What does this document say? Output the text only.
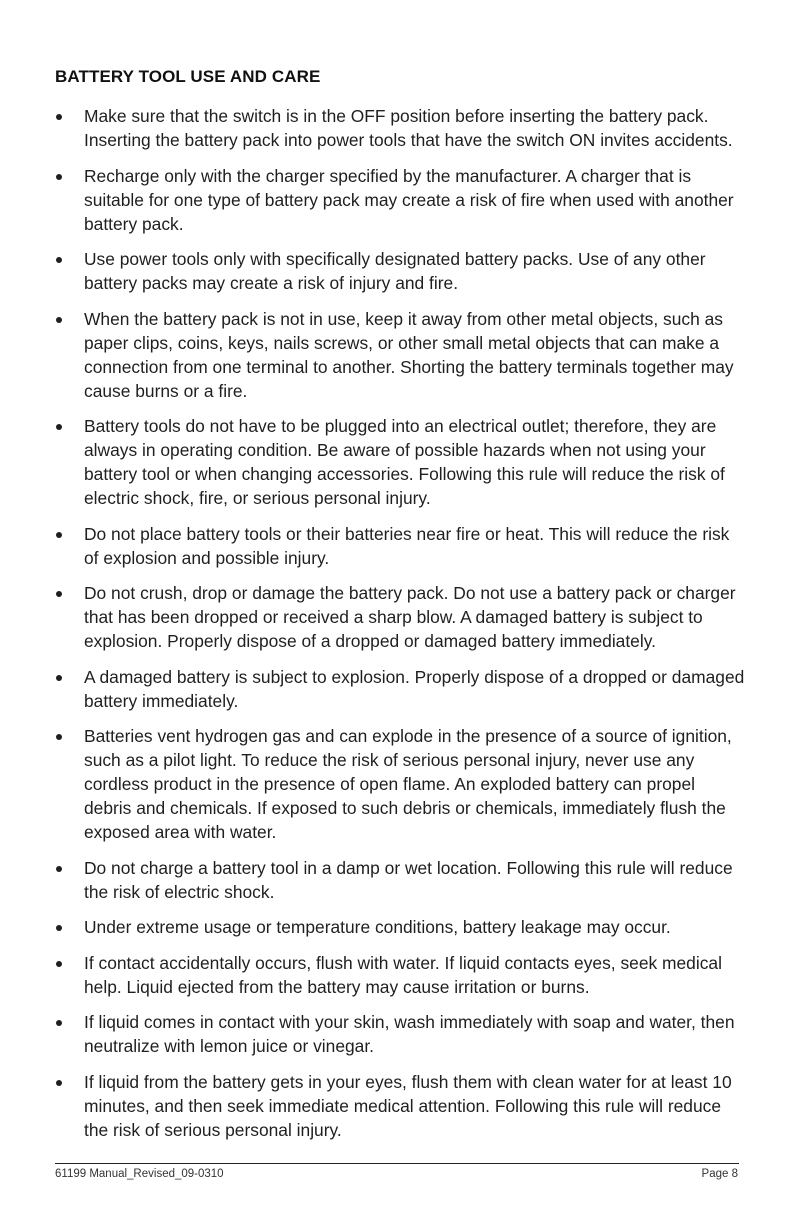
BATTERY TOOL USE AND CARE
Make sure that the switch is in the OFF position before inserting the battery pack. Inserting the battery pack into power tools that have the switch ON invites accidents.
Recharge only with the charger specified by the manufacturer. A charger that is suitable for one type of battery pack may create a risk of fire when used with another battery pack.
Use power tools only with specifically designated battery packs. Use of any other battery packs may create a risk of injury and fire.
When the battery pack is not in use, keep it away from other metal objects, such as paper clips, coins, keys, nails screws, or other small metal objects that can make a connection from one terminal to another. Shorting the battery terminals together may cause burns or a fire.
Battery tools do not have to be plugged into an electrical outlet; therefore, they are always in operating condition. Be aware of possible hazards when not using your battery tool or when changing accessories. Following this rule will reduce the risk of electric shock, fire, or serious personal injury.
Do not place battery tools or their batteries near fire or heat. This will reduce the risk of explosion and possible injury.
Do not crush, drop or damage the battery pack. Do not use a battery pack or charger that has been dropped or received a sharp blow. A damaged battery is subject to explosion. Properly dispose of a dropped or damaged battery immediately.
A damaged battery is subject to explosion. Properly dispose of a dropped or damaged battery immediately.
Batteries vent hydrogen gas and can explode in the presence of a source of ignition, such as a pilot light. To reduce the risk of serious personal injury, never use any cordless product in the presence of open flame. An exploded battery can propel debris and chemicals. If exposed to such debris or chemicals, immediately flush the exposed area with water.
Do not charge a battery tool in a damp or wet location. Following this rule will reduce the risk of electric shock.
Under extreme usage or temperature conditions, battery leakage may occur.
If contact accidentally occurs, flush with water. If liquid contacts eyes, seek medical help. Liquid ejected from the battery may cause irritation or burns.
If liquid comes in contact with your skin, wash immediately with soap and water, then neutralize with lemon juice or vinegar.
If liquid from the battery gets in your eyes, flush them with clean water for at least 10 minutes, and then seek immediate medical attention. Following this rule will reduce the risk of serious personal injury.
61199 Manual_Revised_09-0310	Page 8
